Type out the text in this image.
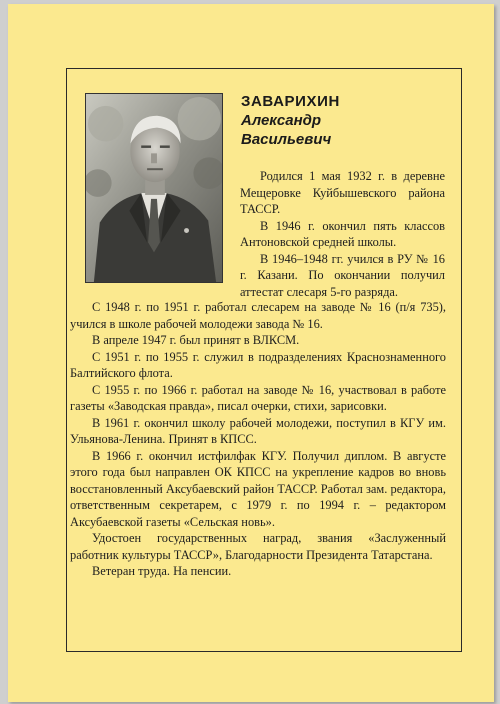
ЗАВАРИХИН
Александр
Васильевич

Родился 1 мая 1932 г. в деревне Мещеровке Куйбышевского района ТАССР.

В 1946 г. окончил пять классов Антоновской средней школы.

В 1946–1948 гг. учился в РУ № 16 г. Казани. По окончании получил аттестат слесаря 5-го разряда.

С 1948 г. по 1951 г. работал слесарем на заводе № 16 (п/я 735), учился в школе рабочей молодежи завода № 16.

В апреле 1947 г. был принят в ВЛКСМ.

С 1951 г. по 1955 г. служил в подразделениях Краснознаменного Балтийского флота.

С 1955 г. по 1966 г. работал на заводе № 16, участвовал в работе газеты «Заводская правда», писал очерки, стихи, зарисовки.

В 1961 г. окончил школу рабочей молодежи, поступил в КГУ им. Ульянова-Ленина. Принят в КПСС.

В 1966 г. окончил истфилфак КГУ. Получил диплом. В августе этого года был направлен ОК КПСС на укрепление кадров во вновь восстановленный Аксубаевский район ТАССР. Работал зам. редактора, ответственным секретарем, с 1979 г. по 1994 г. – редактором Аксубаевской газеты «Сельская новь».

Удостоен государственных наград, звания «Заслуженный работник культуры ТАССР», Благодарности Президента Татарстана.

Ветеран труда. На пенсии.
